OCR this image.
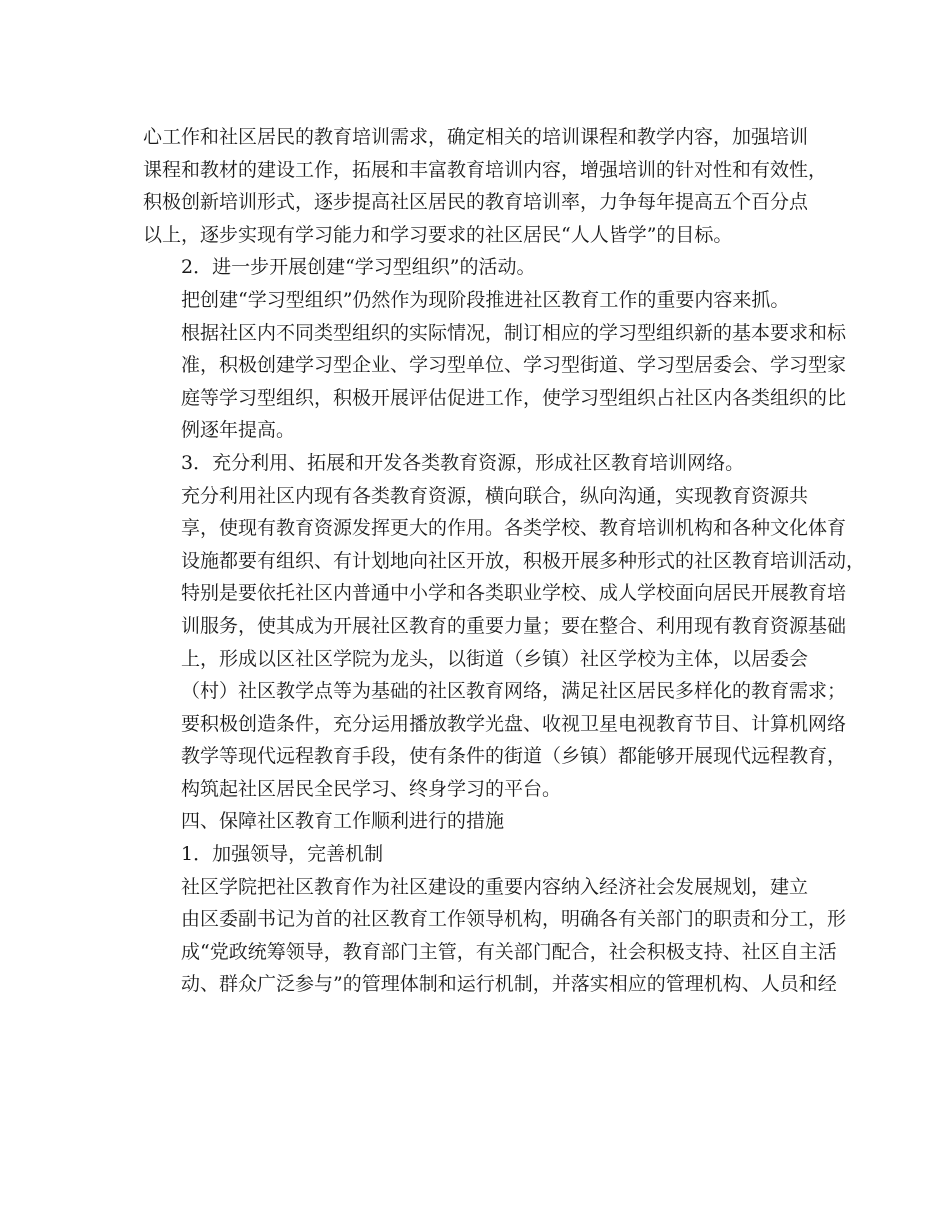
心工作和社区居民的教育培训需求，确定相关的培训课程和教学内容，加强培训
课程和教材的建设工作，拓展和丰富教育培训内容，增强培训的针对性和有效性，
积极创新培训形式，逐步提高社区居民的教育培训率，力争每年提高五个百分点
以上，逐步实现有学习能力和学习要求的社区居民“人人皆学”的目标。

2．进一步开展创建“学习型组织”的活动。

把创建“学习型组织”仍然作为现阶段推进社区教育工作的重要内容来抓。
根据社区内不同类型组织的实际情况，制订相应的学习型组织新的基本要求和标
准，积极创建学习型企业、学习型单位、学习型街道、学习型居委会、学习型家
庭等学习型组织，积极开展评估促进工作，使学习型组织占社区内各类组织的比
例逐年提高。

3．充分利用、拓展和开发各类教育资源，形成社区教育培训网络。

充分利用社区内现有各类教育资源，横向联合，纵向沟通，实现教育资源共
享，使现有教育资源发挥更大的作用。各类学校、教育培训机构和各种文化体育
设施都要有组织、有计划地向社区开放，积极开展多种形式的社区教育培训活动，
特别是要依托社区内普通中小学和各类职业学校、成人学校面向居民开展教育培
训服务，使其成为开展社区教育的重要力量；要在整合、利用现有教育资源基础
上，形成以区社区学院为龙头，以街道（乡镇）社区学校为主体，以居委会
（村）社区教学点等为基础的社区教育网络，满足社区居民多样化的教育需求；
要积极创造条件，充分运用播放教学光盘、收视卫星电视教育节目、计算机网络
教学等现代远程教育手段，使有条件的街道（乡镇）都能够开展现代远程教育，
构筑起社区居民全民学习、终身学习的平台。

四、保障社区教育工作顺利进行的措施

1．加强领导，完善机制

社区学院把社区教育作为社区建设的重要内容纳入经济社会发展规划，建立
由区委副书记为首的社区教育工作领导机构，明确各有关部门的职责和分工，形
成“党政统筹领导，教育部门主管，有关部门配合，社会积极支持、社区自主活
动、群众广泛参与”的管理体制和运行机制，并落实相应的管理机构、人员和经
